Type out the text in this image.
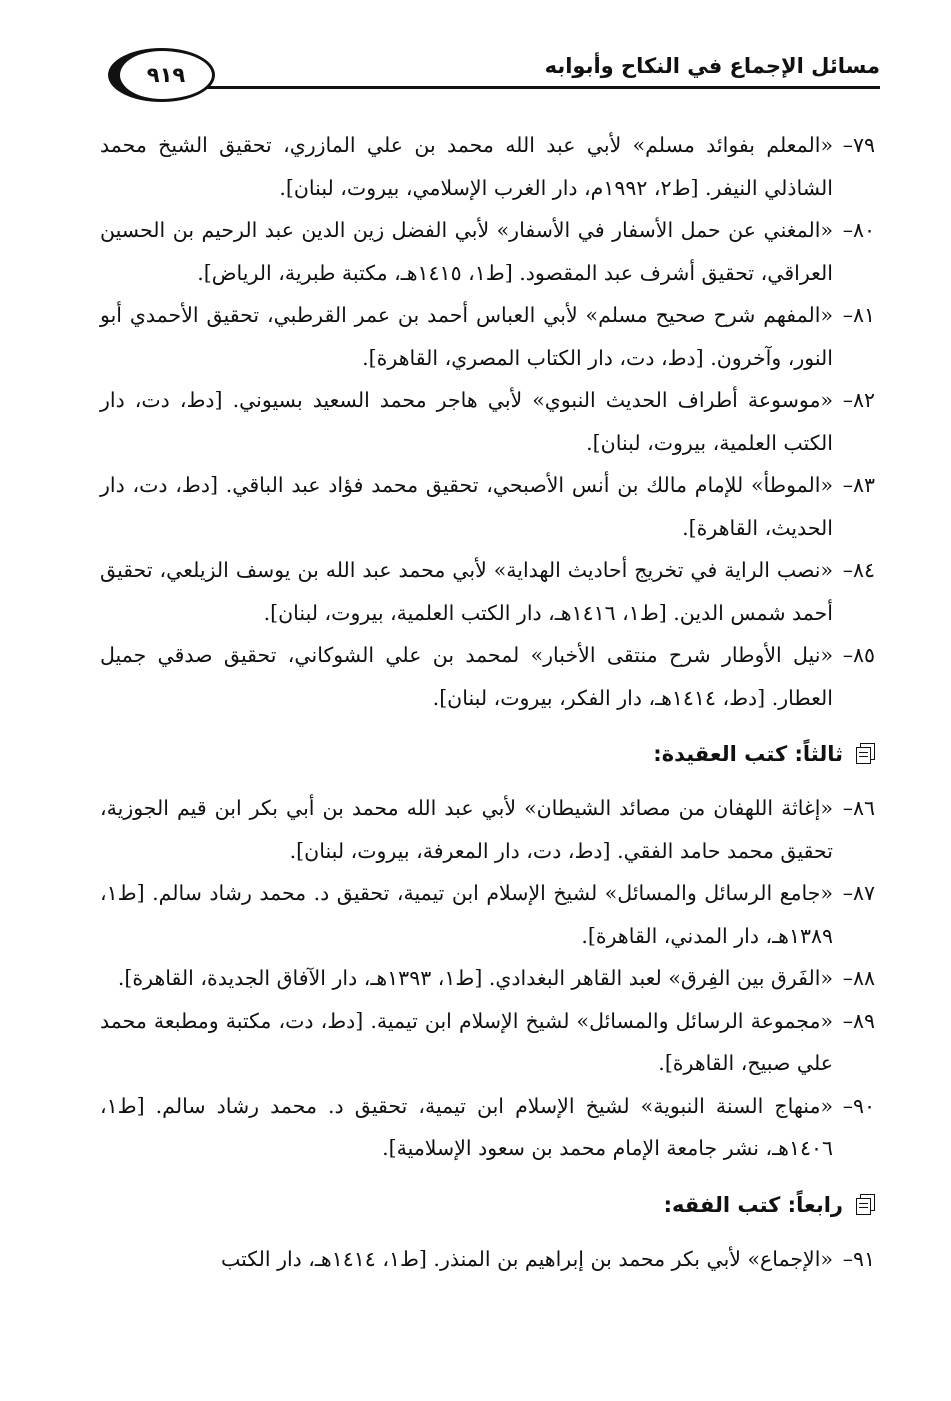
مسائل الإجماع في النكاح وأبوابه
٩١٩
٧٩–
«المعلم بفوائد مسلم» لأبي عبد الله محمد بن علي المازري، تحقيق الشيخ محمد الشاذلي النيفر. [ط٢، ١٩٩٢م، دار الغرب الإسلامي، بيروت، لبنان].
٨٠–
«المغني عن حمل الأسفار في الأسفار» لأبي الفضل زين الدين عبد الرحيم بن الحسين العراقي، تحقيق أشرف عبد المقصود. [ط١، ١٤١٥هـ، مكتبة طبرية، الرياض].
٨١–
«المفهم شرح صحيح مسلم» لأبي العباس أحمد بن عمر القرطبي، تحقيق الأحمدي أبو النور، وآخرون. [دط، دت، دار الكتاب المصري، القاهرة].
٨٢–
«موسوعة أطراف الحديث النبوي» لأبي هاجر محمد السعيد بسيوني. [دط، دت، دار الكتب العلمية، بيروت، لبنان].
٨٣–
«الموطأ» للإمام مالك بن أنس الأصبحي، تحقيق محمد فؤاد عبد الباقي. [دط، دت، دار الحديث، القاهرة].
٨٤–
«نصب الراية في تخريج أحاديث الهداية» لأبي محمد عبد الله بن يوسف الزيلعي، تحقيق أحمد شمس الدين. [ط١، ١٤١٦هـ، دار الكتب العلمية، بيروت، لبنان].
٨٥–
«نيل الأوطار شرح منتقى الأخبار» لمحمد بن علي الشوكاني، تحقيق صدقي جميل العطار. [دط، ١٤١٤هـ، دار الفكر، بيروت، لبنان].
ثالثاً: كتب العقيدة:
٨٦–
«إغاثة اللهفان من مصائد الشيطان» لأبي عبد الله محمد بن أبي بكر ابن قيم الجوزية، تحقيق محمد حامد الفقي. [دط، دت، دار المعرفة، بيروت، لبنان].
٨٧–
«جامع الرسائل والمسائل» لشيخ الإسلام ابن تيمية، تحقيق د. محمد رشاد سالم. [ط١، ١٣٨٩هـ، دار المدني، القاهرة].
٨٨–
«الفَرق بين الفِرق» لعبد القاهر البغدادي. [ط١، ١٣٩٣هـ، دار الآفاق الجديدة، القاهرة].
٨٩–
«مجموعة الرسائل والمسائل» لشيخ الإسلام ابن تيمية. [دط، دت، مكتبة ومطبعة محمد علي صبيح، القاهرة].
٩٠–
«منهاج السنة النبوية» لشيخ الإسلام ابن تيمية، تحقيق د. محمد رشاد سالم. [ط١، ١٤٠٦هـ، نشر جامعة الإمام محمد بن سعود الإسلامية].
رابعاً: كتب الفقه:
٩١–
«الإجماع» لأبي بكر محمد بن إبراهيم بن المنذر. [ط١، ١٤١٤هـ، دار الكتب
